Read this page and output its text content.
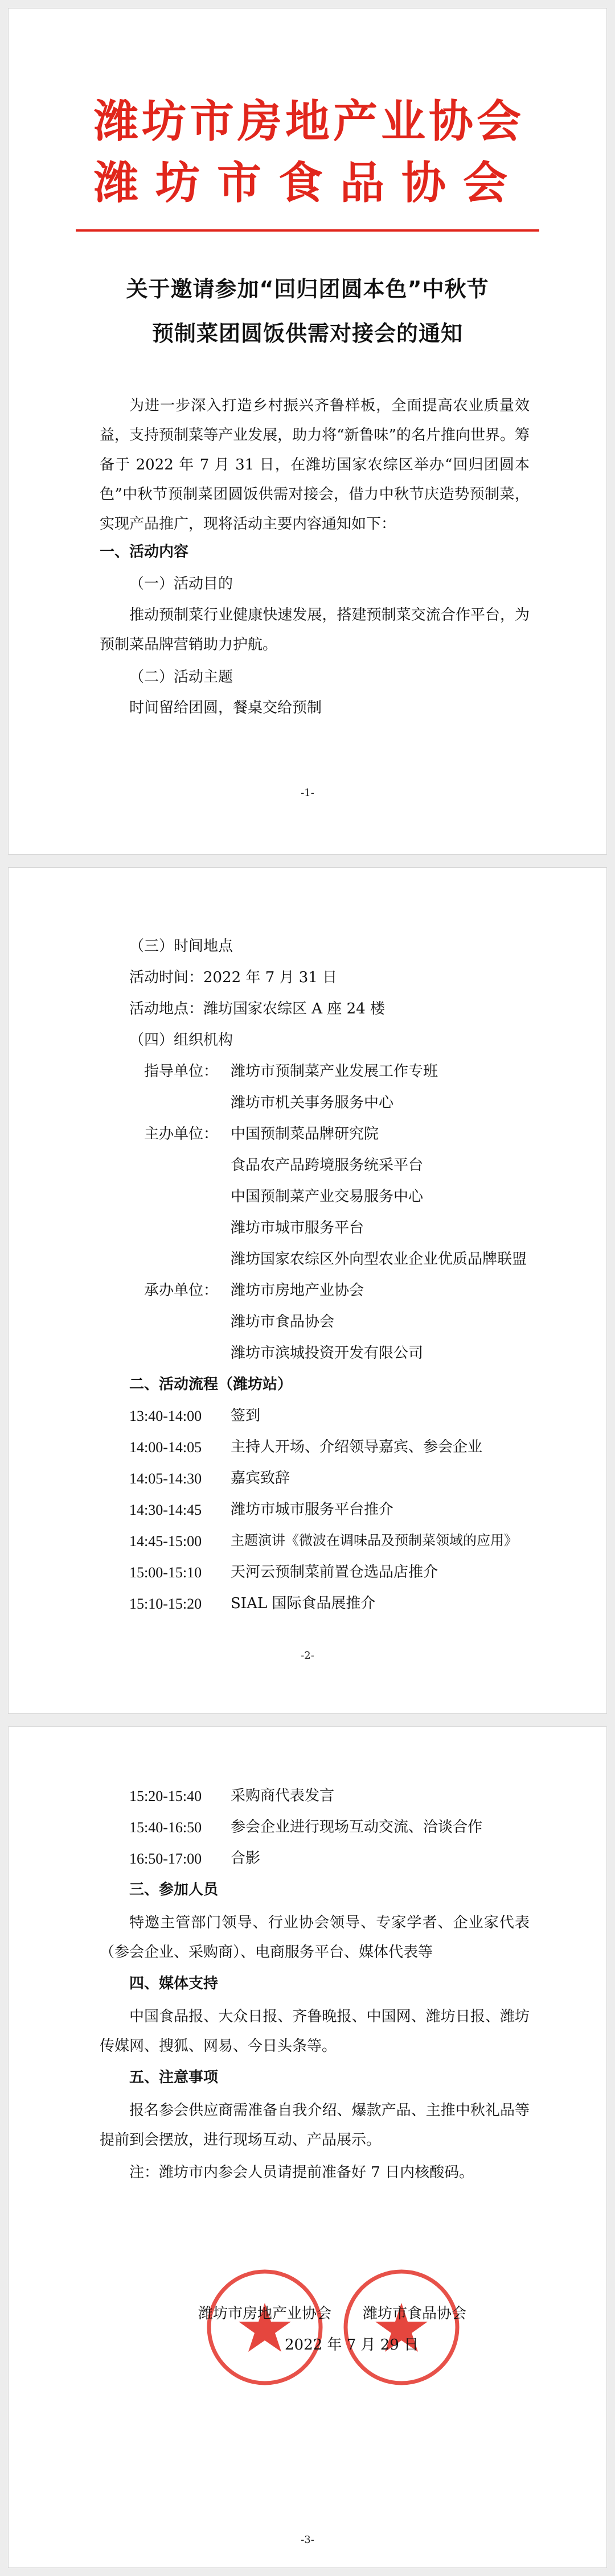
潍坊市房地产业协会
潍坊市食品协会
关于邀请参加“回归团圆本色”中秋节
预制菜团圆饭供需对接会的通知
为进一步深入打造乡村振兴齐鲁样板，全面提高农业质量效益，支持预制菜等产业发展，助力将“新鲁味”的名片推向世界。筹备于 2022 年 7 月 31 日，在潍坊国家农综区举办“回归团圆本色”中秋节预制菜团圆饭供需对接会，借力中秋节庆造势预制菜，实现产品推广，现将活动主要内容通知如下：
一、活动内容
（一）活动目的
推动预制菜行业健康快速发展，搭建预制菜交流合作平台，为预制菜品牌营销助力护航。
（二）活动主题
时间留给团圆，餐桌交给预制
-1-
（三）时间地点
活动时间：2022 年 7 月 31 日
活动地点：潍坊国家农综区 A 座 24 楼
（四）组织机构
指导单位： 潍坊市预制菜产业发展工作专班
潍坊市机关事务服务中心
主办单位： 中国预制菜品牌研究院
食品农产品跨境服务统采平台
中国预制菜产业交易服务中心
潍坊市城市服务平台
潍坊国家农综区外向型农业企业优质品牌联盟
承办单位： 潍坊市房地产业协会
潍坊市食品协会
潍坊市滨城投资开发有限公司
二、活动流程（潍坊站）
13:40-14:00 签到
14:00-14:05 主持人开场、介绍领导嘉宾、参会企业
14:05-14:30 嘉宾致辞
14:30-14:45 潍坊市城市服务平台推介
14:45-15:00 主题演讲《微波在调味品及预制菜领域的应用》
15:00-15:10 天河云预制菜前置仓选品店推介
15:10-15:20 SIAL 国际食品展推介
-2-
15:20-15:40 采购商代表发言
15:40-16:50 参会企业进行现场互动交流、洽谈合作
16:50-17:00 合影
三、参加人员
特邀主管部门领导、行业协会领导、专家学者、企业家代表（参会企业、采购商）、电商服务平台、媒体代表等
四、媒体支持
中国食品报、大众日报、齐鲁晚报、中国网、潍坊日报、潍坊传媒网、搜狐、网易、今日头条等。
五、注意事项
报名参会供应商需准备自我介绍、爆款产品、主推中秋礼品等提前到会摆放，进行现场互动、产品展示。
注：潍坊市内参会人员请提前准备好 7 日内核酸码。
潍坊市房地产业协会 潍坊市食品协会
2022 年 7 月 29 日
-3-
